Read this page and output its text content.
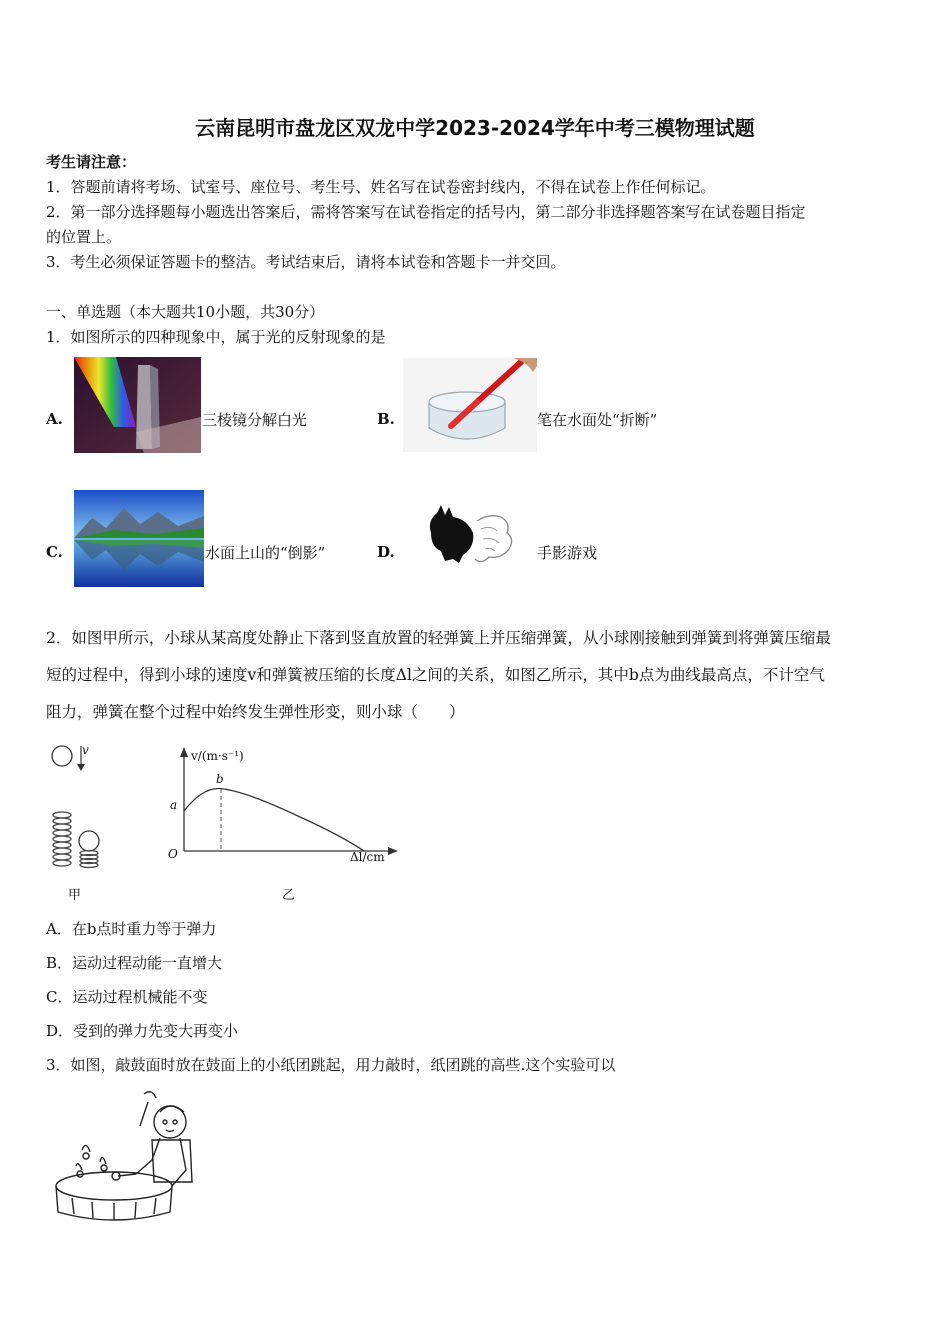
云南昆明市盘龙区双龙中学2023-2024学年中考三模物理试题
考生请注意：
1．答题前请将考场、试室号、座位号、考生号、姓名写在试卷密封线内，不得在试卷上作任何标记。
2．第一部分选择题每小题选出答案后，需将答案写在试卷指定的括号内，第二部分非选择题答案写在试卷题目指定
的位置上。
3．考生必须保证答题卡的整洁。考试结束后，请将本试卷和答题卡一并交回。
一、单选题（本大题共10小题，共30分）
1．如图所示的四种现象中，属于光的反射现象的是
A.	三棱镜分解白光	B.	笔在水面处“折断”
C.	水面上山的“倒影”	D.	手影游戏
2．如图甲所示，小球从某高度处静止下落到竖直放置的轻弹簧上并压缩弹簧，从小球刚接触到弹簧到将弹簧压缩最
短的过程中，得到小球的速度v和弹簧被压缩的长度Δl之间的关系，如图乙所示，其中b点为曲线最高点，不计空气
阻力，弹簧在整个过程中始终发生弹性形变，则小球（　　）
v
甲
v/(m·s⁻¹)
b
a
O	Δl/cm
乙
A．在b点时重力等于弹力
B．运动过程动能一直增大
C．运动过程机械能不变
D．受到的弹力先变大再变小
3．如图，敲鼓面时放在鼓面上的小纸团跳起，用力敲时，纸团跳的高些.这个实验可以
